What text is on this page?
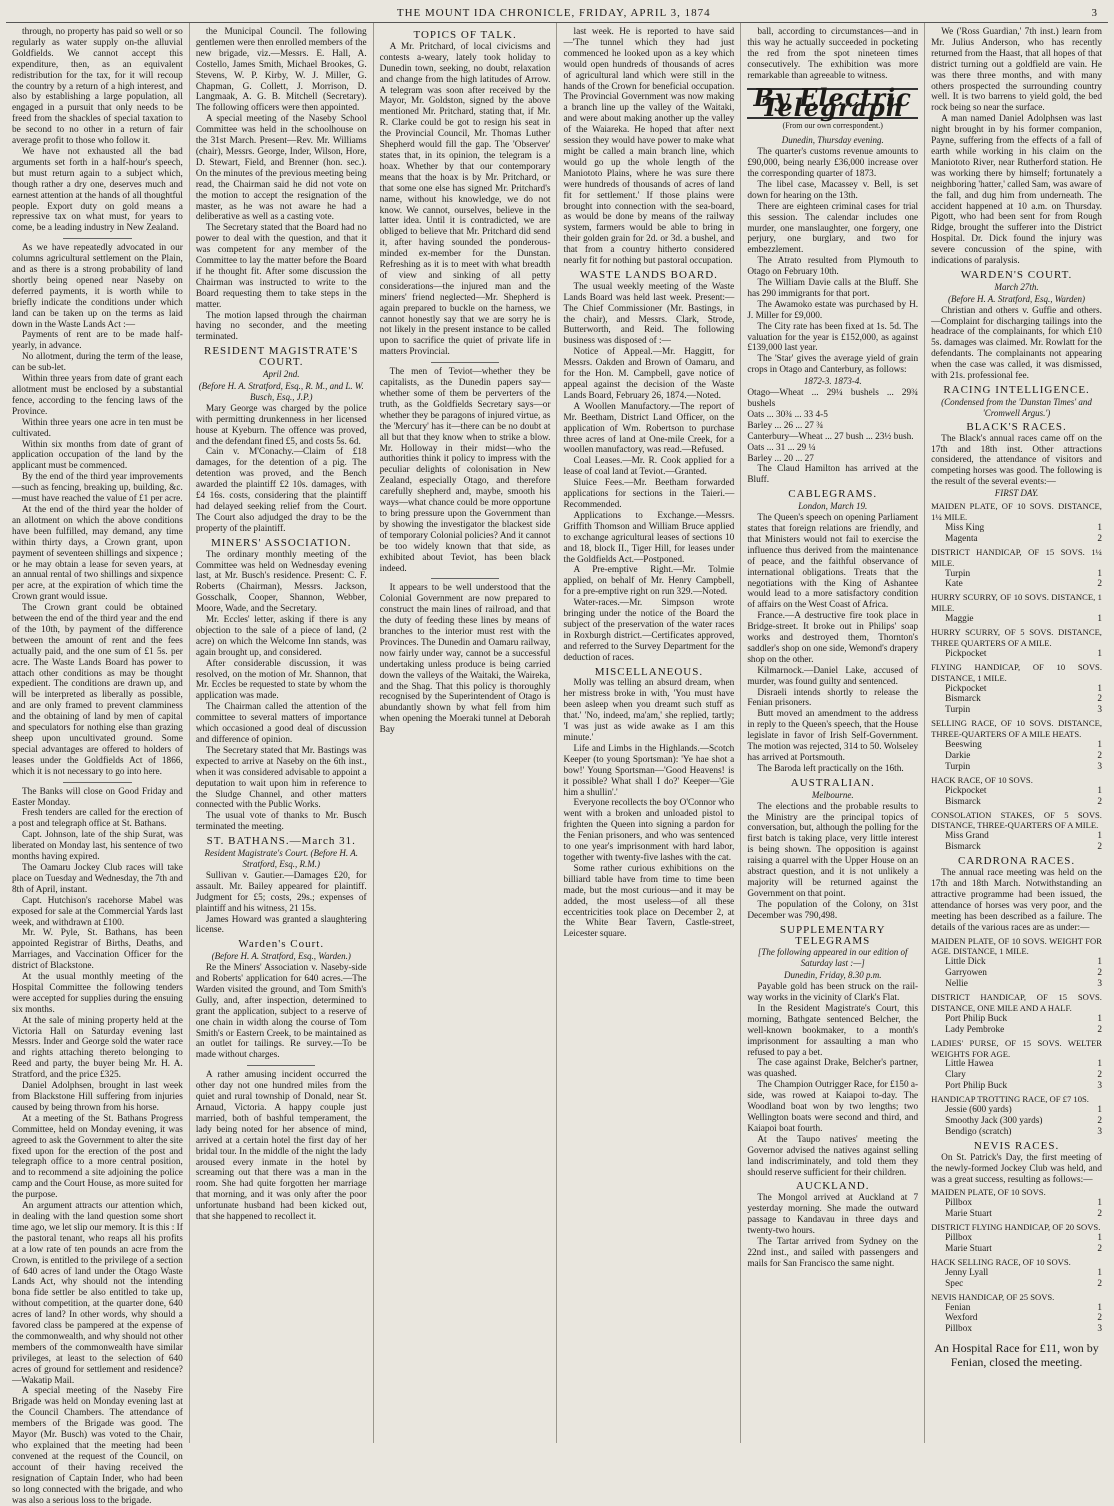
THE MOUNT IDA CHRONICLE, FRIDAY, APRIL 3, 1874	3

through, no property has paid so well or so regularly as water supply on-the alluvial Goldfields. We cannot accept this expenditure, then, as an equivalent redistribution for the tax, for it will recoup the country by a return of a high interest, and also by establishing a large population, all engaged in a pursuit that only needs to be freed from the shackles of special taxation to be second to no other in a return of fair average profit to those who follow it.

We have not exhausted all the bad arguments set forth in a half-hour's speech, but must return again to a subject which, though rather a dry one, deserves much and earnest attention at the hands of all thoughtful people. Export duty on gold means a repressive tax on what must, for years to come, be a leading industry in New Zealand.

As we have repeatedly advocated in our columns agricultural settlement on the Plain, and as there is a strong probability of land shortly being opened near Naseby on deferred payments, it is worth while to briefly indicate the conditions under which land can be taken up on the terms as laid down in the Waste Lands Act :—

Payments of rent are to be made half-yearly, in advance.

No allotment, during the term of the lease, can be sub-let.

Within three years from date of grant each allotment must be enclosed by a substantial fence, according to the fencing laws of the Province.

Within three years one acre in ten must be cultivated.

Within six months from date of grant of application occupation of the land by the applicant must be commenced.

By the end of the third year improvements—such as fencing, breaking up, building, &c.—must have reached the value of £1 per acre.

At the end of the third year the holder of an allotment on which the above conditions have been fulfilled, may demand, any time within thirty days, a Crown grant, upon payment of seventeen shillings and sixpence ; or he may obtain a lease for seven years, at an annual rental of two shillings and sixpence per acre, at the expiration of which time the Crown grant would issue.

The Crown grant could be obtained between the end of the third year and the end of the 10th, by payment of the difference between the amount of rent and the fees actually paid, and the one sum of £1 5s. per acre. The Waste Lands Board has power to attach other conditions as may be thought expedient. The conditions are drawn up, and will be interpreted as liberally as possible, and are only framed to prevent clamminess and the obtaining of land by men of capital and speculators for nothing else than grazing sheep upon uncultivated ground. Some special advantages are offered to holders of leases under the Goldfields Act of 1866, which it is not necessary to go into here.

The Banks will close on Good Friday and Easter Monday.

Fresh tenders are called for the erection of a post and telegraph office at St. Bathans.

Capt. Johnson, late of the ship Surat, was liberated on Monday last, his sentence of two months having expired.

The Oamaru Jockey Club races will take place on Tuesday and Wednesday, the 7th and 8th of April, instant.

Capt. Hutchison's racehorse Mabel was exposed for sale at the Commercial Yards last week, and withdrawn at £100.

Mr. W. Pyle, St. Bathans, has been appointed Registrar of Births, Deaths, and Marriages, and Vaccination Officer for the district of Blackstone.

At the usual monthly meeting of the Hospital Committee the following tenders were accepted for supplies during the ensuing six months.

At the sale of mining property held at the Victoria Hall on Saturday evening last Messrs. Inder and George sold the water race and rights attaching thereto belonging to Reed and party, the buyer being Mr. H. A. Stratford, and the price £325.

Daniel Adolphsen, brought in last week from Blackstone Hill suffering from injuries caused by being thrown from his horse.

At a meeting of the St. Bathans Progress Committee, held on Monday evening, it was agreed to ask the Government to alter the site fixed upon for the erection of the post and telegraph office to a more central position, and to recommend a site adjoining the police camp and the Court House, as more suited for the purpose.

An argument attracts our attention which, in dealing with the land question some short time ago, we let slip our memory. It is this : If the pastoral tenant, who reaps all his profits at a low rate of ten pounds an acre from the Crown, is entitled to the privilege of a section of 640 acres of land under the Otago Waste Lands Act, why should not the intending bona fide settler be also entitled to take up, without competition, at the quarter done, 640 acres of land? In other words, why should a favored class be pampered at the expense of the commonwealth, and why should not other members of the commonwealth have similar privileges, at least to the selection of 640 acres of ground for settlement and residence?—Wakatip Mail.

A special meeting of the Naseby Fire Brigade was held on Monday evening last at the Council Chambers. The attendance of members of the Brigade was good. The Mayor (Mr. Busch) was voted to the Chair, who explained that the meeting had been convened at the request of the Council, on account of their having received the resignation of Captain Inder, who had been so long connected with the brigade, and who was also a serious loss to the brigade.

the Municipal Council. The following gentlemen were then enrolled members of the new brigade, viz.—Messrs. E. Hall, A. Costello, James Smith, Michael Brookes, G. Stevens, W. P. Kirby, W. J. Miller, G. Chapman, G. Collett, J. Morrison, D. Langmaak, A. G. B. Mitchell (Secretary). The following officers were then appointed.

A special meeting of the Naseby School Committee was held in the schoolhouse on the 31st March. Present—Rev. Mr. Williams (chair), Messrs. George, Inder, Wilson, Hore, D. Stewart, Field, and Brenner (hon. sec.). On the minutes of the previous meeting being read, the Chairman said he did not vote on the motion to accept the resignation of the master, as he was not aware he had a deliberative as well as a casting vote.

The Secretary stated that the Board had no power to deal with the question, and that it was competent for any member of the Committee to lay the matter before the Board if he thought fit. After some discussion the Chairman was instructed to write to the Board requesting them to take steps in the matter.

The motion lapsed through the chairman having no seconder, and the meeting terminated.

RESIDENT MAGISTRATE'S COURT.
April 2nd.
(Before H. A. Stratford, Esq., R. M., and L. W. Busch, Esq., J.P.)

Mary George was charged by the police with permitting drunkenness in her licensed house at Kyeburn. The offence was proved, and the defendant fined £5, and costs 5s. 6d.

Cain v. M'Conachy.—Claim of £18 damages, for the detention of a pig. The detention was proved, and the Bench awarded the plaintiff £2 10s. damages, with £4 16s. costs, considering that the plaintiff had delayed seeking relief from the Court. The Court also adjudged the dray to be the property of the plaintiff.

MINERS' ASSOCIATION.

The ordinary monthly meeting of the Committee was held on Wednesday evening last, at Mr. Busch's residence. Present: C. F. Roberts (Chairman), Messrs. Jackson, Gosschalk, Cooper, Shannon, Webber, Moore, Wade, and the Secretary.

Mr. Eccles' letter, asking if there is any objection to the sale of a piece of land, (2 acre) on which the Welcome Inn stands, was again brought up, and considered.

After considerable discussion, it was resolved, on the motion of Mr. Shannon, that Mr. Eccles be requested to state by whom the application was made.

The Chairman called the attention of the committee to several matters of importance which occasioned a good deal of discussion and difference of opinion.

The Secretary stated that Mr. Bastings was expected to arrive at Naseby on the 6th inst., when it was considered advisable to appoint a deputation to wait upon him in reference to the Sludge Channel, and other matters connected with the Public Works.

The usual vote of thanks to Mr. Busch terminated the meeting.

ST. BATHANS.—March 31.
Resident Magistrate's Court. (Before H. A. Stratford, Esq., R.M.)

Sullivan v. Gautier.—Damages £20, for assault. Mr. Bailey appeared for plaintiff. Judgment for £5; costs, 29s.; expenses of plaintiff and his witness, 21 15s.

James Howard was granted a slaughtering license.

Warden's Court.
(Before H. A. Stratford, Esq., Warden.)

Re the Miners' Association v. Naseby-side and Roberts' application for 640 acres.—The Warden visited the ground, and Tom Smith's Gully, and, after inspection, determined to grant the application, subject to a reserve of one chain in width along the course of Tom Smith's or Eastern Creek, to be maintained as an outlet for tailings. Re survey.—To be made without charges.

A rather amusing incident occurred the other day not one hundred miles from the quiet and rural township of Donald, near St. Arnaud, Victoria. A happy couple just married, both of bashful temperament, the lady being noted for her absence of mind, arrived at a certain hotel the first day of her bridal tour. In the middle of the night the lady aroused every inmate in the hotel by screaming out that there was a man in the room. She had quite forgotten her marriage that morning, and it was only after the poor unfortunate husband had been kicked out, that she happened to recollect it.

TOPICS OF TALK.

A Mr. Pritchard, of local civicisms and contests a-weary, lately took holiday to Dunedin town, seeking, no doubt, relaxation and change from the high latitudes of Arrow. A telegram was soon after received by the Mayor, Mr. Goldston, signed by the above mentioned Mr. Pritchard, stating that, if Mr. R. Clarke could be got to resign his seat in the Provincial Council, Mr. Thomas Luther Shepherd would fill the gap. The 'Observer' states that, in its opinion, the telegram is a hoax. Whether by that our contemporary means that the hoax is by Mr. Pritchard, or that some one else has signed Mr. Pritchard's name, without his knowledge, we do not know. We cannot, ourselves, believe in the latter idea. Until it is contradicted, we are obliged to believe that Mr. Pritchard did send it, after having sounded the ponderous-minded ex-member for the Dunstan. Refreshing as it is to meet with what breadth of view and sinking of all petty considerations—the injured man and the miners' friend neglected—Mr. Shepherd is again prepared to buckle on the harness, we cannot honestly say that we are sorry he is not likely in the present instance to be called upon to sacrifice the quiet of private life in matters Provincial.

The men of Teviot—whether they be capitalists, as the Dunedin papers say—whether some of them be perverters of the truth, as the Goldfields Secretary says—or whether they be paragons of injured virtue, as the 'Mercury' has it—there can be no doubt at all but that they know when to strike a blow. Mr. Holloway in their midst—who the authorities think it policy to impress with the peculiar delights of colonisation in New Zealand, especially Otago, and therefore carefully shepherd and, maybe, smooth his ways—what chance could be more opportune to bring pressure upon the Government than by showing the investigator the blackest side of temporary Colonial policies? And it cannot be too widely known that that side, as exhibited about Teviot, has been black indeed.

It appears to be well understood that the Colonial Government are now prepared to construct the main lines of railroad, and that the duty of feeding these lines by means of branches to the interior must rest with the Provinces. The Dunedin and Oamaru railway, now fairly under way, cannot be a successful undertaking unless produce is being carried down the valleys of the Waitaki, the Waireka, and the Shag. That this policy is thoroughly recognised by the Superintendent of Otago is abundantly shown by what fell from him when opening the Moeraki tunnel at Deborah Bay

last week. He is reported to have said—'The tunnel which they had just commenced he looked upon as a key which would open hundreds of thousands of acres of agricultural land which were still in the hands of the Crown for beneficial occupation. The Provincial Government was now making a branch line up the valley of the Waitaki, and were about making another up the valley of the Waiareka. He hoped that after next session they would have power to make what might be called a main branch line, which would go up the whole length of the Maniototo Plains, where he was sure there were hundreds of thousands of acres of land fit for settlement.' If those plains were brought into connection with the sea-board, as would be done by means of the railway system, farmers would be able to bring in their golden grain for 2d. or 3d. a bushel, and that from a country hitherto considered nearly fit for nothing but pastoral occupation.

WASTE LANDS BOARD.

The usual weekly meeting of the Waste Lands Board was held last week. Present:—The Chief Commissioner (Mr. Bastings, in the chair), and Messrs. Clark, Strode, Butterworth, and Reid. The following business was disposed of :—

Notice of Appeal.—Mr. Haggitt, for Messrs. Oakden and Brown of Oamaru, and for the Hon. M. Campbell, gave notice of appeal against the decision of the Waste Lands Board, February 26, 1874.—Noted.

A Woollen Manufactory.—The report of Mr. Beetham, District Land Officer, on the application of Wm. Robertson to purchase three acres of land at One-mile Creek, for a woollen manufactory, was read.—Refused.

Coal Leases.—Mr. R. Cook applied for a lease of coal land at Teviot.—Granted.

Sluice Fees.—Mr. Beetham forwarded applications for sections in the Taieri.—Recommended.

Applications to Exchange.—Messrs. Griffith Thomson and William Bruce applied to exchange agricultural leases of sections 10 and 18, block II., Tiger Hill, for leases under the Goldfields Act.—Postponed.

A Pre-emptive Right.—Mr. Tolmie applied, on behalf of Mr. Henry Campbell, for a pre-emptive right on run 329.—Noted.

Water-races.—Mr. Simpson wrote bringing under the notice of the Board the subject of the preservation of the water races in Roxburgh district.—Certificates approved, and referred to the Survey Department for the deduction of races.

MISCELLANEOUS.

Molly was telling an absurd dream, when her mistress broke in with, 'You must have been asleep when you dreamt such stuff as that.' 'No, indeed, ma'am,' she replied, tartly; 'I was just as wide awake as I am this minute.'

Life and Limbs in the Highlands.—Scotch Keeper (to young Sportsman): 'Ye hae shot a bow!' Young Sportsman—'Good Heavens! is it possible? What shall I do?' Keeper—'Gie him a shullin'.'

Everyone recollects the boy O'Connor who went with a broken and unloaded pistol to frighten the Queen into signing a pardon for the Fenian prisoners, and who was sentenced to one year's imprisonment with hard labor, together with twenty-five lashes with the cat.

Some rather curious exhibitions on the billiard table have from time to time been made, but the most curious—and it may be added, the most useless—of all these eccentricities took place on December 2, at the White Bear Tavern, Castle-street, Leicester square.

ball, according to circumstances—and in this way he actually succeeded in pocketing the red from the spot nineteen times consecutively. The exhibition was more remarkable than agreeable to witness.

By Electric Telegraph
(From our own correspondent.)
Dunedin, Thursday evening.

The quarter's customs revenue amounts to £90,000, being nearly £36,000 increase over the corresponding quarter of 1873.

The libel case, Macassey v. Bell, is set down for hearing on the 13th.

There are eighteen criminal cases for trial this session. The calendar includes one murder, one manslaughter, one forgery, one perjury, one burglary, and two for embezzlement.

The Atrato resulted from Plymouth to Otago on February 10th.

The William Davie calls at the Bluff. She has 290 immigrants for that port.

The Awamoko estate was purchased by H. J. Miller for £9,000.

The City rate has been fixed at 1s. 5d. The valuation for the year is £152,000, as against £139,000 last year.

The 'Star' gives the average yield of grain crops in Otago and Canterbury, as follows:

1872-3. 1873-4.
Otago—Wheat ... 29¼ bushels ... 29¾ bushels
Oats ... 30¾ ... 33 4-5
Barley ... 26 ... 27 ¾
Canterbury—Wheat ... 27 bush ... 23½ bush.
Oats ... 31 ... 29 ¼
Barley ... 20 ... 27

The Claud Hamilton has arrived at the Bluff.

CABLEGRAMS.
London, March 19.

The Queen's speech on opening Parliament states that foreign relations are friendly, and that Ministers would not fail to exercise the influence thus derived from the maintenance of peace, and the faithful observance of international obligations. Treats that the negotiations with the King of Ashantee would lead to a more satisfactory condition of affairs on the West Coast of Africa.

France.—A destructive fire took place in Bridge-street. It broke out in Philips' soap works and destroyed them, Thornton's saddler's shop on one side, Wemond's drapery shop on the other.

Kilmarnock.—Daniel Lake, accused of murder, was found guilty and sentenced.

Disraeli intends shortly to release the Fenian prisoners.

Butt moved an amendment to the address in reply to the Queen's speech, that the House legislate in favor of Irish Self-Government. The motion was rejected, 314 to 50. Wolseley has arrived at Portsmouth.

The Baroda left practically on the 16th.

AUSTRALIAN.
Melbourne.

The elections and the probable results to the Ministry are the principal topics of conversation, but, although the polling for the first batch is taking place, very little interest is being shown. The opposition is against raising a quarrel with the Upper House on an abstract question, and it is not unlikely a majority will be returned against the Government on that point.

The population of the Colony, on 31st December was 790,498.

SUPPLEMENTARY TELEGRAMS
[The following appeared in our edition of Saturday last :—]
Dunedin, Friday, 8.30 p.m.

Payable gold has been struck on the rail-way works in the vicinity of Clark's Flat.

In the Resident Magistrate's Court, this morning, Bathgate sentenced Belcher, the well-known bookmaker, to a month's imprisonment for assaulting a man who refused to pay a bet.

The case against Drake, Belcher's partner, was quashed.

The Champion Outrigger Race, for £150 a-side, was rowed at Kaiapoi to-day. The Woodland boat won by two lengths; two Wellington boats were second and third, and Kaiapoi boat fourth.

At the Taupo natives' meeting the Governor advised the natives against selling land indiscriminately, and told them they should reserve sufficient for their children.

AUCKLAND.

The Mongol arrived at Auckland at 7 yesterday morning. She made the outward passage to Kandavau in three days and twenty-two hours.

The Tartar arrived from Sydney on the 22nd inst., and sailed with passengers and mails for San Francisco the same night.

We ('Ross Guardian,' 7th inst.) learn from Mr. Julius Anderson, who has recently returned from the Haast, that all hopes of that district turning out a goldfield are vain. He was there three months, and with many others prospected the surrounding country well. It is two barrens to yield gold, the bed rock being so near the surface.

A man named Daniel Adolphsen was last night brought in by his former companion, Payne, suffering from the effects of a fall of earth while working in his claim on the Maniototo River, near Rutherford station. He was working there by himself; fortunately a neighboring 'hatter,' called Sam, was aware of the fall, and dug him from underneath. The accident happened at 10 a.m. on Thursday. Pigott, who had been sent for from Rough Ridge, brought the sufferer into the District Hospital. Dr. Dick found the injury was severe concussion of the spine, with indications of paralysis.

WARDEN'S COURT.
March 27th.
(Before H. A. Stratford, Esq., Warden)

Christian and others v. Guffie and others.—Complaint for discharging tailings into the headrace of the complainants, for which £10 5s. damages was claimed. Mr. Rowlatt for the defendants. The complainants not appearing when the case was called, it was dismissed, with 21s. professional fee.

RACING INTELLIGENCE.
(Condensed from the 'Dunstan Times' and 'Cromwell Argus.')
BLACK'S RACES.

The Black's annual races came off on the 17th and 18th inst. Other attractions considered, the attendance of visitors and competing horses was good. The following is the result of the several events:—

FIRST DAY.
MAIDEN PLATE, OF 10 SOVS. DISTANCE, 1¼ MILE.
Miss King	1
Magenta	2
DISTRICT HANDICAP, OF 15 SOVS. 1¼ MILE.
Turpin	1
Kate	2
HURRY SCURRY, OF 10 SOVS. DISTANCE, 1 MILE.
Maggie	1
HURRY SCURRY, OF 5 SOVS. DISTANCE, THREE QUARTERS OF A MILE.
Pickpocket	1
FLYING HANDICAP, OF 10 SOVS. DISTANCE, 1 MILE.
Pickpocket	1
Bismarck	2
Turpin	3
SELLING RACE, OF 10 SOVS. DISTANCE, THREE-QUARTERS OF A MILE HEATS.
Beeswing	1
Darkie	2
Turpin	3
HACK RACE, OF 10 SOVS.
Pickpocket	1
Bismarck	2
CONSOLATION STAKES, OF 5 SOVS. DISTANCE, THREE-QUARTERS OF A MILE.
Miss Grand	1
Bismarck	2
CARDRONA RACES.

The annual race meeting was held on the 17th and 18th March. Notwithstanding an attractive programme had been issued, the attendance of horses was very poor, and the meeting has been described as a failure. The details of the various races are as under:—

MAIDEN PLATE, OF 10 SOVS. WEIGHT FOR AGE. DISTANCE, 1 MILE.
Little Dick	1
Garryowen	2
Nellie	3
DISTRICT HANDICAP, OF 15 SOVS. DISTANCE, ONE MILE AND A HALF.
Port Philip Buck	1
Lady Pembroke	2
LADIES' PURSE, OF 15 SOVS. WELTER WEIGHTS FOR AGE.
Little Hawea	1
Clary	2
Port Philip Buck	3
HANDICAP TROTTING RACE, OF £7 10S.
Jessie (600 yards)	1
Smoothy Jack (300 yards)	2
Bendigo (scratch)	3
NEVIS RACES.

On St. Patrick's Day, the first meeting of the newly-formed Jockey Club was held, and was a great success, resulting as follows:—

MAIDEN PLATE, OF 10 SOVS.
Pillbox	1
Marie Stuart	2
DISTRICT FLYING HANDICAP, OF 20 SOVS.
Pillbox	1
Marie Stuart	2
HACK SELLING RACE, OF 10 SOVS.
Jenny Lyall	1
Spec	2
NEVIS HANDICAP, OF 25 SOVS.
Fenian	1
Wexford	2
Pillbox	3
An Hospital Race for £11, won by Fenian, closed the meeting.
